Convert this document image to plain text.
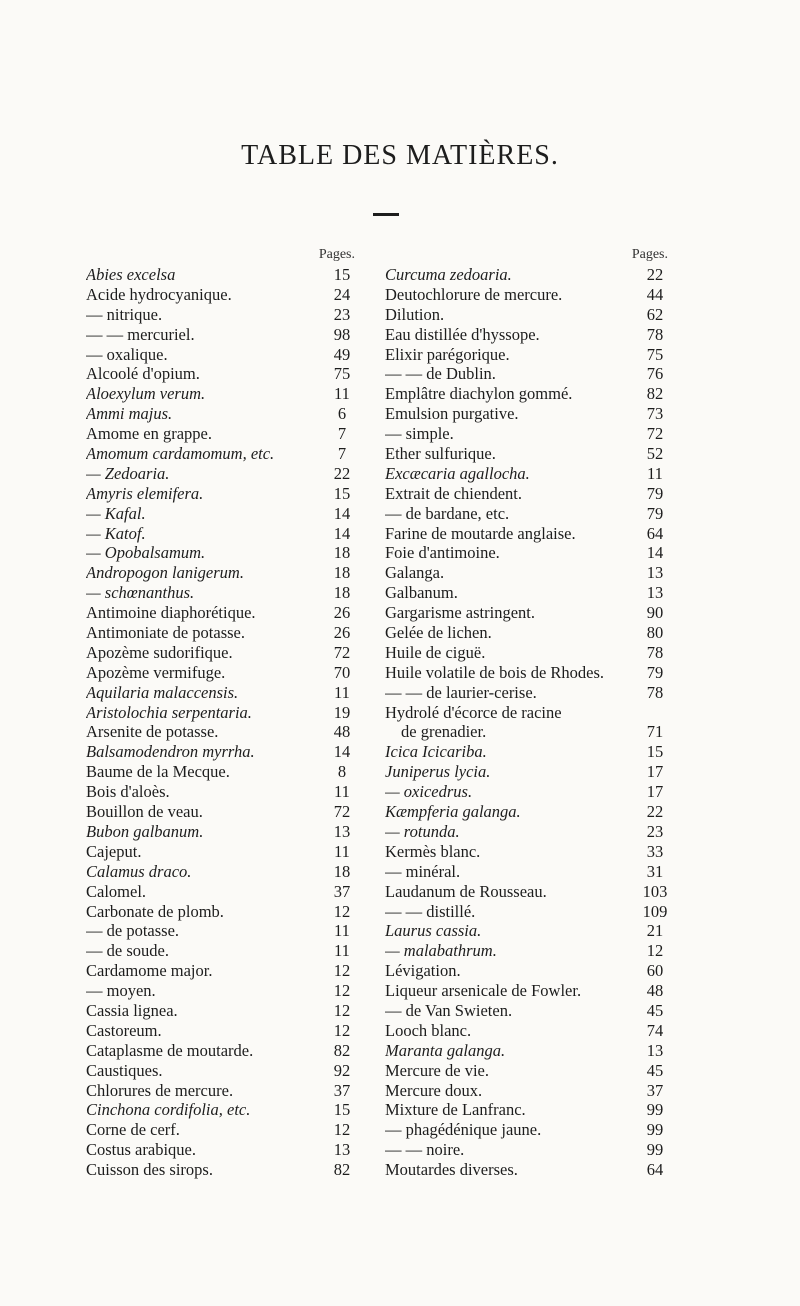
TABLE DES MATIÈRES.
Pages.
Abies excelsa	15
Acide hydrocyanique.	24
— nitrique.	23
— — mercuriel.	98
— oxalique.	49
Alcoolé d'opium.	75
Aloexylum verum.	11
Ammi majus.	6
Amome en grappe.	7
Amomum cardamomum, etc.	7
— Zedoaria.	22
Amyris elemifera.	15
— Kafal.	14
— Katof.	14
— Opobalsamum.	18
Andropogon lanigerum.	18
— schœnanthus.	18
Antimoine diaphorétique.	26
Antimoniate de potasse.	26
Apozème sudorifique.	72
Apozème vermifuge.	70
Aquilaria malaccensis.	11
Aristolochia serpentaria.	19
Arsenite de potasse.	48
Balsamodendron myrrha.	14
Baume de la Mecque.	8
Bois d'aloès.	11
Bouillon de veau.	72
Bubon galbanum.	13
Cajeput.	11
Calamus draco.	18
Calomel.	37
Carbonate de plomb.	12
— de potasse.	11
— de soude.	11
Cardamome major.	12
— moyen.	12
Cassia lignea.	12
Castoreum.	12
Cataplasme de moutarde.	82
Caustiques.	92
Chlorures de mercure.	37
Cinchona cordifolia, etc.	15
Corne de cerf.	12
Costus arabique.	13
Cuisson des sirops.	82
Pages.
Curcuma zedoaria.	22
Deutochlorure de mercure.	44
Dilution.	62
Eau distillée d'hyssope.	78
Elixir parégorique.	75
— — de Dublin.	76
Emplâtre diachylon gommé.	82
Emulsion purgative.	73
— simple.	72
Ether sulfurique.	52
Excæcaria agallocha.	11
Extrait de chiendent.	79
— de bardane, etc.	79
Farine de moutarde anglaise.	64
Foie d'antimoine.	14
Galanga.	13
Galbanum.	13
Gargarisme astringent.	90
Gelée de lichen.	80
Huile de ciguë.	78
Huile volatile de bois de Rhodes.	79
— — de laurier-cerise.	78
Hydrolé d'écorce de racine
de grenadier.	71
Icica Icicariba.	15
Juniperus lycia.	17
— oxicedrus.	17
Kæmpferia galanga.	22
— rotunda.	23
Kermès blanc.	33
— minéral.	31
Laudanum de Rousseau.	103
— — distillé.	109
Laurus cassia.	21
— malabathrum.	12
Lévigation.	60
Liqueur arsenicale de Fowler.	48
— de Van Swieten.	45
Looch blanc.	74
Maranta galanga.	13
Mercure de vie.	45
Mercure doux.	37
Mixture de Lanfranc.	99
— phagédénique jaune.	99
— — noire.	99
Moutardes diverses.	64
